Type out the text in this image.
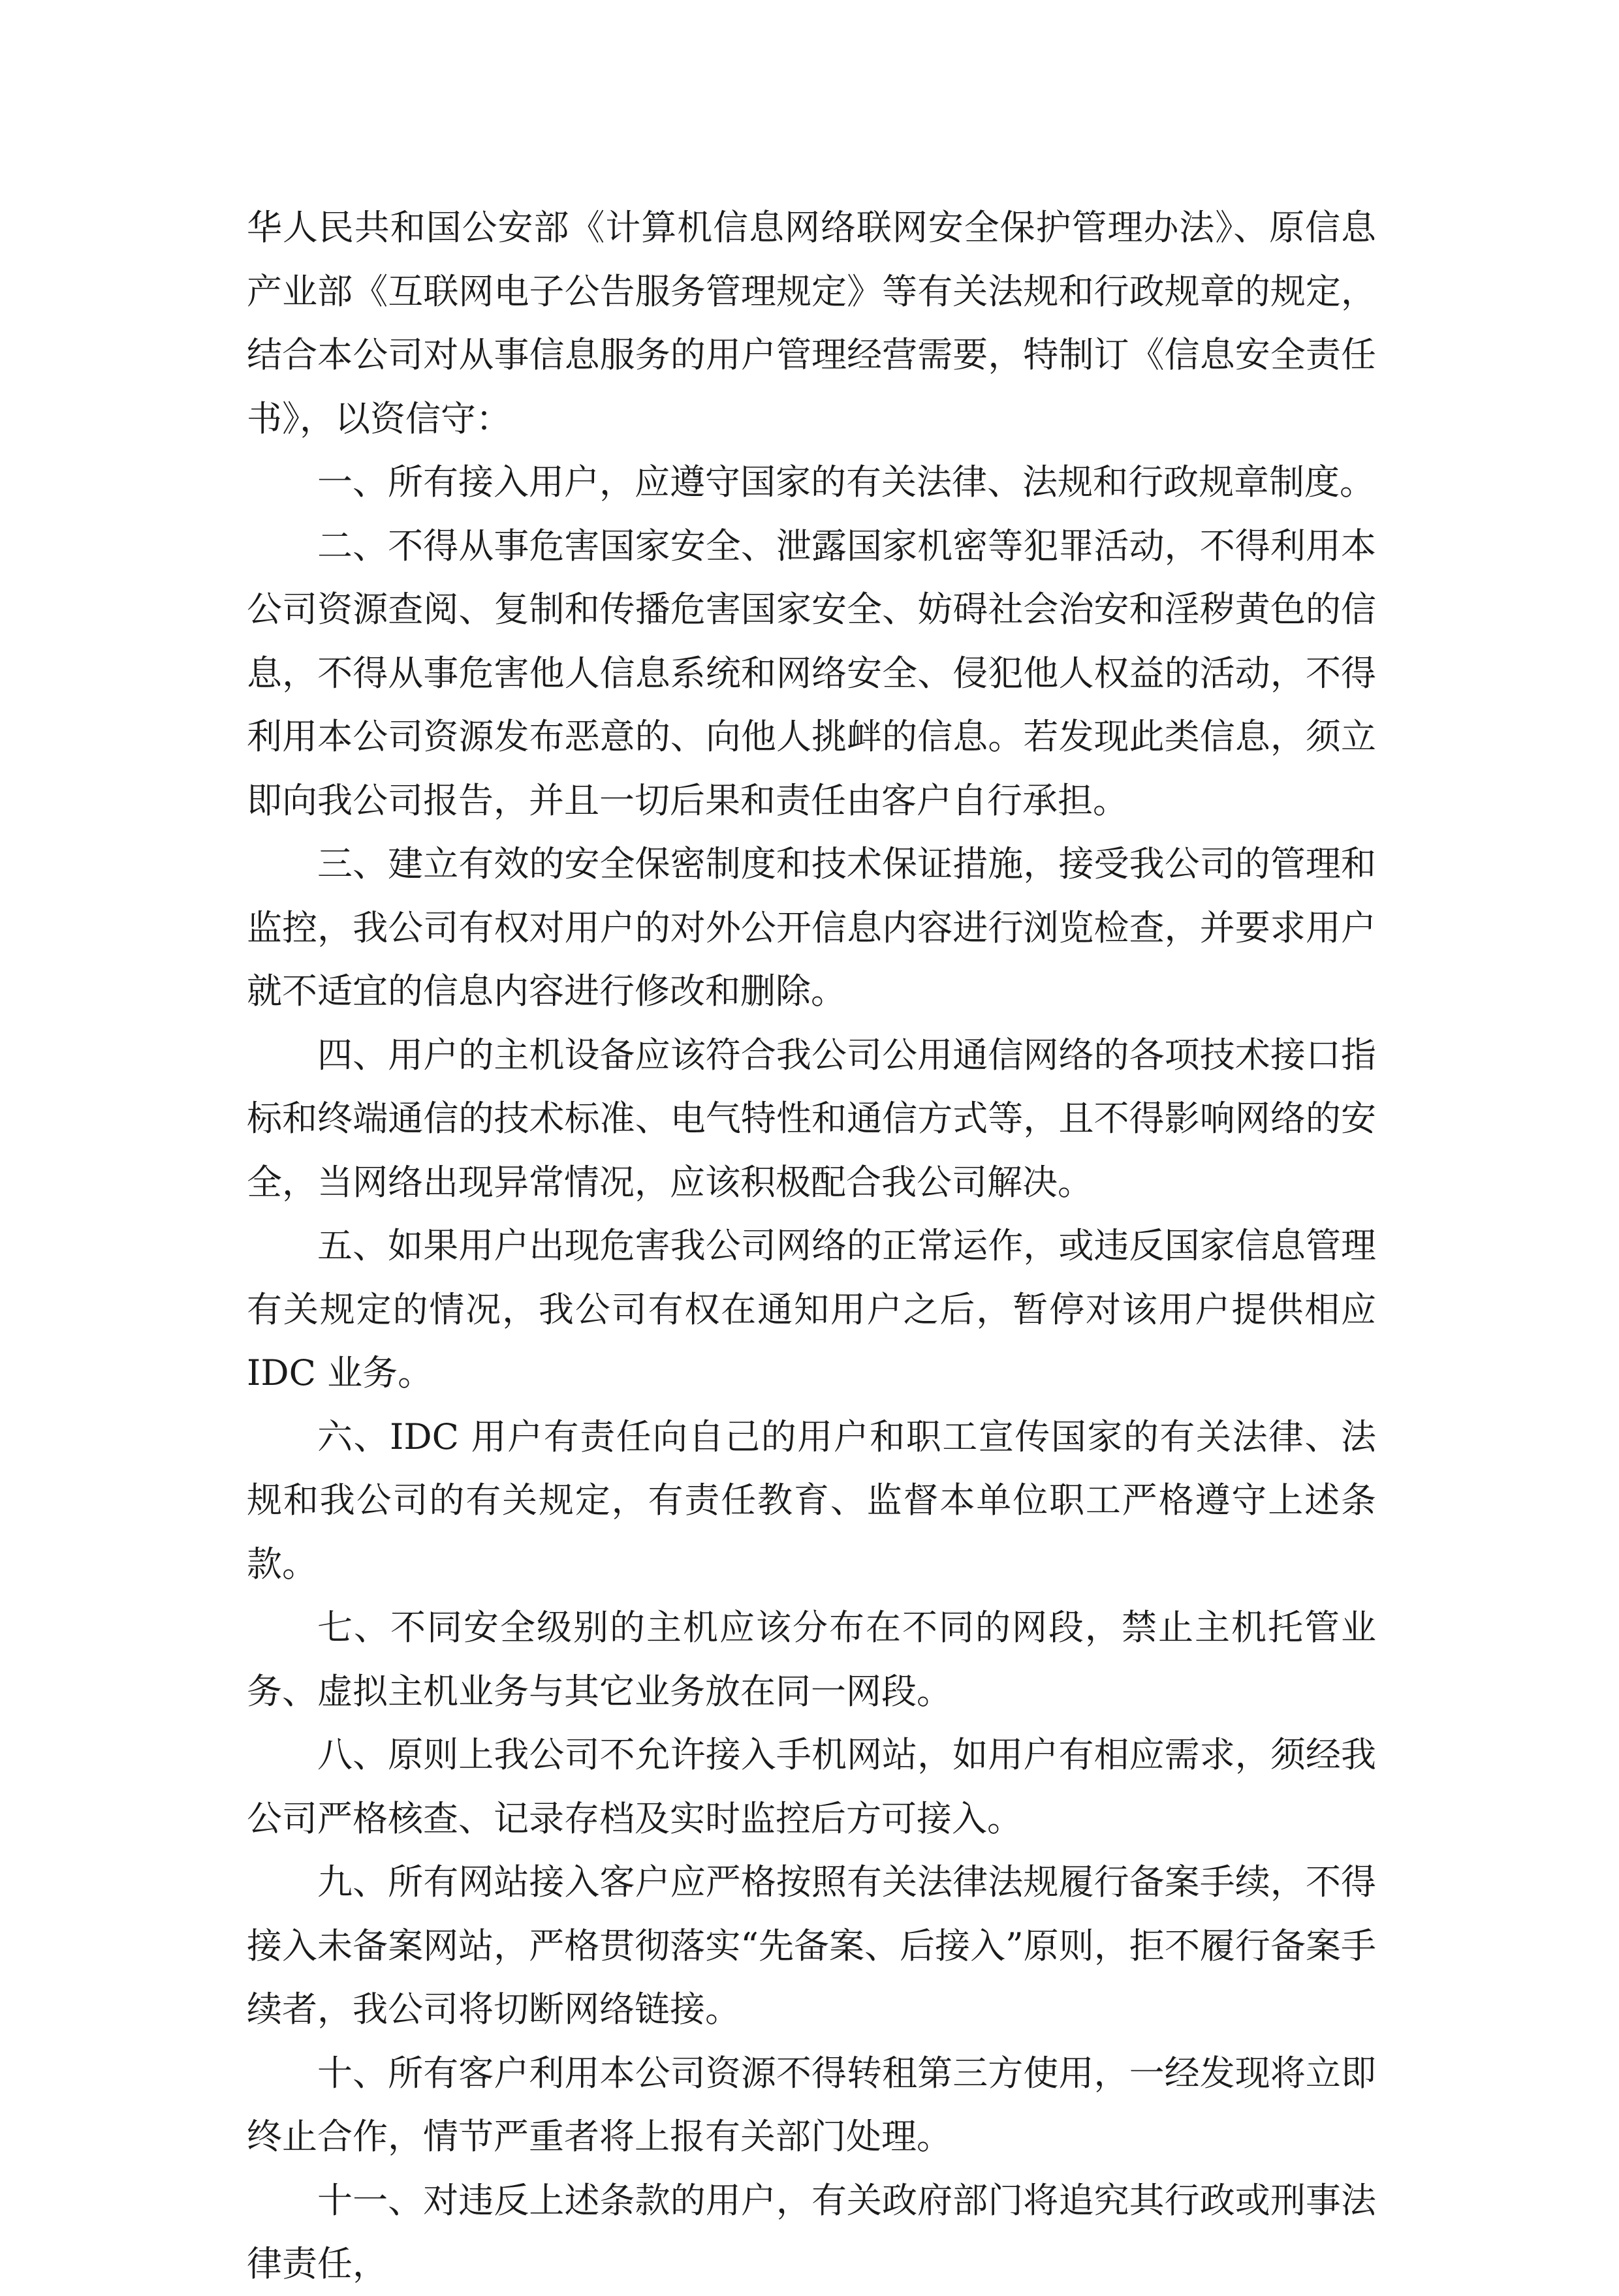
华人民共和国公安部《计算机信息网络联网安全保护管理办法》、原信息产业部《互联网电子公告服务管理规定》等有关法规和行政规章的规定，结合本公司对从事信息服务的用户管理经营需要，特制订《信息安全责任书》，以资信守：

一、所有接入用户，应遵守国家的有关法律、法规和行政规章制度。

二、不得从事危害国家安全、泄露国家机密等犯罪活动，不得利用本公司资源查阅、复制和传播危害国家安全、妨碍社会治安和淫秽黄色的信息，不得从事危害他人信息系统和网络安全、侵犯他人权益的活动，不得利用本公司资源发布恶意的、向他人挑衅的信息。若发现此类信息，须立即向我公司报告，并且一切后果和责任由客户自行承担。

三、建立有效的安全保密制度和技术保证措施，接受我公司的管理和监控，我公司有权对用户的对外公开信息内容进行浏览检查，并要求用户就不适宜的信息内容进行修改和删除。

四、用户的主机设备应该符合我公司公用通信网络的各项技术接口指标和终端通信的技术标准、电气特性和通信方式等，且不得影响网络的安全，当网络出现异常情况，应该积极配合我公司解决。

五、如果用户出现危害我公司网络的正常运作，或违反国家信息管理有关规定的情况，我公司有权在通知用户之后，暂停对该用户提供相应 IDC 业务。

六、IDC 用户有责任向自己的用户和职工宣传国家的有关法律、法规和我公司的有关规定，有责任教育、监督本单位职工严格遵守上述条款。

七、不同安全级别的主机应该分布在不同的网段，禁止主机托管业务、虚拟主机业务与其它业务放在同一网段。

八、原则上我公司不允许接入手机网站，如用户有相应需求，须经我公司严格核查、记录存档及实时监控后方可接入。

九、所有网站接入客户应严格按照有关法律法规履行备案手续，不得接入未备案网站，严格贯彻落实“先备案、后接入”原则，拒不履行备案手续者，我公司将切断网络链接。

十、所有客户利用本公司资源不得转租第三方使用，一经发现将立即终止合作，情节严重者将上报有关部门处理。

十一、对违反上述条款的用户，有关政府部门将追究其行政或刑事法律责任，
